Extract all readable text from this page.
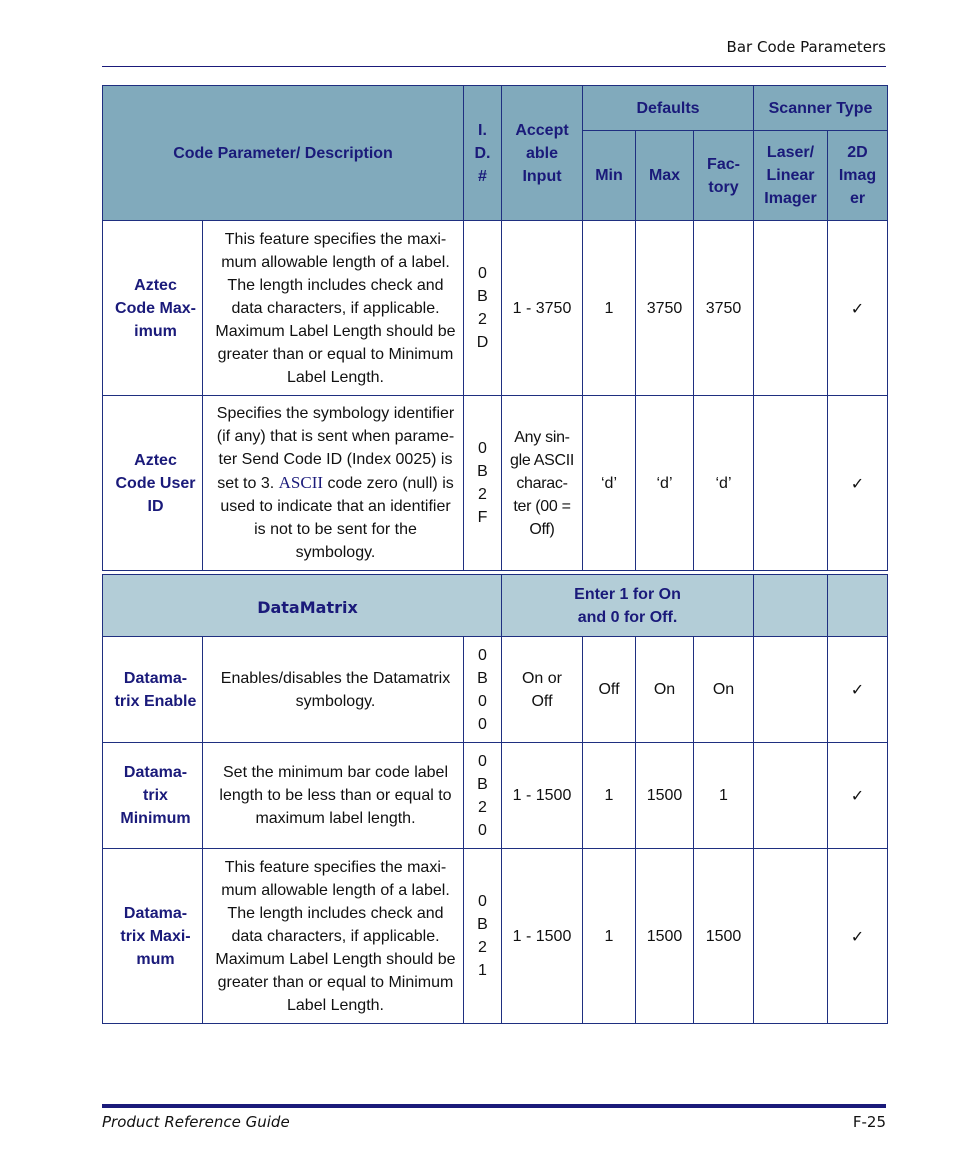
Bar Code Parameters
Code Parameter/ Description		I.
D.
#	Accept
able
Input	Defaults			Scanner Type	
				Min	Max	Fac-
tory	Laser/
Linear
Imager	2D
Imag
er
Aztec Code Max- imum	This feature specifies the maxi- mum allowable length of a label. The length includes check and data characters, if applicable. Maximum Label Length should be greater than or equal to Minimum Label Length.	0 B 2 D	1 - 3750	1	3750	3750		✓
Aztec Code User ID	Specifies the symbology identifier (if any) that is sent when parame- ter Send Code ID (Index 0025) is set to 3. ASCII code zero (null) is used to indicate that an identifier is not to be sent for the symbology.	0 B 2 F	Any sin- gle ASCII charac- ter (00 = Off)	‘d’	‘d’	‘d’		✓

DataMatrix			Enter 1 for On and 0 for Off.					
Datama- trix Enable	Enables/disables the Datamatrix symbology.	0 B 0 0	On or Off	Off	On	On		✓
Datama- trix Minimum	Set the minimum bar code label length to be less than or equal to maximum label length.	0 B 2 0	1 - 1500	1	1500	1		✓
Datama- trix Maxi- mum	This feature specifies the maxi- mum allowable length of a label. The length includes check and data characters, if applicable. Maximum Label Length should be greater than or equal to Minimum Label Length.	0 B 2 1	1 - 1500	1	1500	1500		✓
Product Reference Guide	F-25
